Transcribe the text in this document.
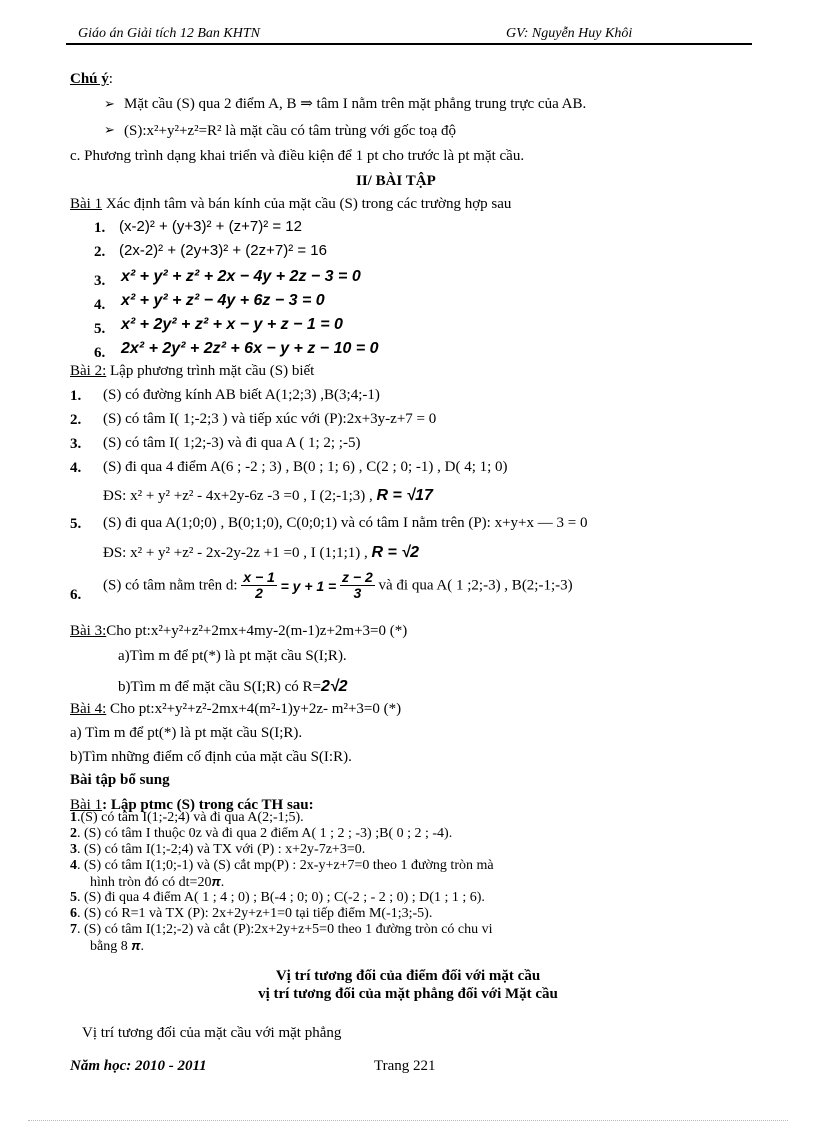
Giáo án Giải tích 12 Ban KHTN	GV: Nguyễn Huy Khôi
Chú ý:
➢ Mặt cầu (S) qua 2 điểm A, B ⇒ tâm I nằm trên mặt phẳng trung trực của AB.
➢ (S):x²+y²+z²=R² là mặt cầu có tâm trùng với gốc toạ độ
c. Phương trình dạng khai triển và điều kiện để 1 pt cho trước là pt mặt cầu.
II/ BÀI TẬP
Bài 1 Xác định tâm và bán kính của mặt cầu (S) trong các trường hợp sau
1. (x-2)² + (y+3)² + (z+7)² = 12
2. (2x-2)² + (2y+3)² + (2z+7)² = 16
3. x² + y² + z² + 2x − 4y + 2z − 3 = 0
4. x² + y² + z² − 4y + 6z − 3 = 0
5. x² + 2y² + z² + x − y + z − 1 = 0
6. 2x² + 2y² + 2z² + 6x − y + z − 10 = 0
Bài 2: Lập phương trình mặt cầu (S) biết
1. (S) có đường kính AB biết A(1;2;3) ,B(3;4;-1)
2. (S) có tâm I( 1;-2;3 ) và tiếp xúc với (P):2x+3y-z+7 = 0
3. (S) có tâm I( 1;2;-3) và đi qua A ( 1; 2; ;-5)
4. (S) đi qua 4 điểm A(6 ; -2 ; 3) , B(0 ; 1; 6) , C(2 ; 0; -1) , D( 4; 1; 0)
ĐS: x² + y² +z² - 4x+2y-6z -3 =0 , I (2;-1;3) , R = √17
5. (S) đi qua A(1;0;0) , B(0;1;0), C(0;0;1) và có tâm I nằm trên (P): x+y+x — 3 = 0
ĐS: x² + y² +z² - 2x-2y-2z +1 =0 , I (1;1;1) , R = √2
6.
(S) có tâm nằm trên d: $\frac{x - 1}{2} = y + 1 = \frac{z - 2}{3}$ và đi qua A( 1 ;2;-3) , B(2;-1;-3)
Bài 3:Cho pt:x²+y²+z²+2mx+4my-2(m-1)z+2m+3=0 (*)
a)Tìm m để pt(*) là pt mặt cầu S(I;R).
b)Tìm m để mặt cầu S(I;R) có R=2√2
Bài 4: Cho pt:x²+y²+z²-2mx+4(m²-1)y+2z- m²+3=0 (*)
a) Tìm m để pt(*) là pt mặt cầu S(I;R).
b)Tìm những điểm cố định của mặt cầu S(I:R).
Bài tập bổ sung
Bài 1: Lập ptmc (S) trong các TH sau:
1.(S) có tâm I(1;-2;4) và đi qua A(2;-1;5).
2. (S) có tâm I thuộc 0z và đi qua 2 điểm A( 1 ; 2 ; -3) ;B( 0 ; 2 ; -4).
3. (S) có tâm I(1;-2;4) và TX với (P) : x+2y-7z+3=0.
4. (S) có tâm I(1;0;-1) và (S) cắt mp(P) : 2x-y+z+7=0 theo 1 đường tròn mà
hình tròn đó có dt=20π.
5. (S) đi qua 4 điểm A( 1 ; 4 ; 0) ; B(-4 ; 0; 0) ; C(-2 ; - 2 ; 0) ; D(1 ; 1 ; 6).
6. (S) có R=1 và TX (P): 2x+2y+z+1=0 tại tiếp điểm M(-1;3;-5).
7. (S) có tâm I(1;2;-2) và cắt (P):2x+2y+z+5=0 theo 1 đường tròn có chu vi
bằng 8 π.
Vị trí tương đối của điểm đối với mặt cầu
vị trí tương đối của mặt phẳng đối với Mặt cầu
Vị trí tương đối của mặt cầu với mặt phẳng
Năm học: 2010 - 2011	Trang 221
